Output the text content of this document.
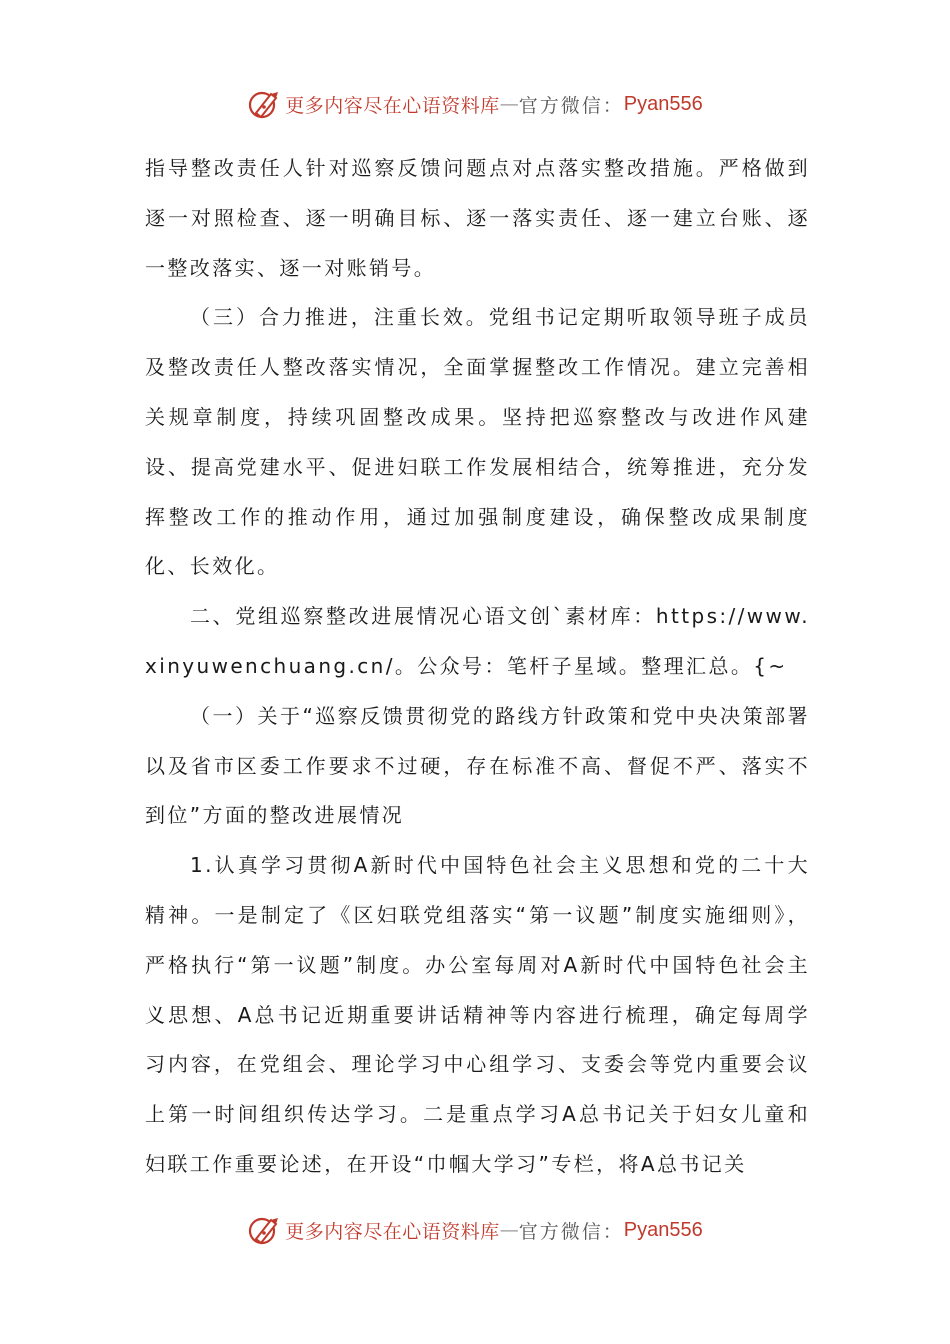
更多内容尽在心语资料库 — 官方微信： Pyan556

指导整改责任人针对巡察反馈问题点对点落实整改措施。严格做到逐一对照检查、逐一明确目标、逐一落实责任、逐一建立台账、逐一整改落实、逐一对账销号。

（三）合力推进，注重长效。党组书记定期听取领导班子成员及整改责任人整改落实情况，全面掌握整改工作情况。建立完善相关规章制度，持续巩固整改成果。坚持把巡察整改与改进作风建设、提高党建水平、促进妇联工作发展相结合，统筹推进，充分发挥整改工作的推动作用，通过加强制度建设，确保整改成果制度化、长效化。

二、党组巡察整改进展情况心语文创`素材库：https://www.xinyuwenchuang.cn/。公众号：笔杆子星域。整理汇总。{~

（一）关于“巡察反馈贯彻党的路线方针政策和党中央决策部署以及省市区委工作要求不过硬，存在标准不高、督促不严、落实不到位”方面的整改进展情况

1.认真学习贯彻A新时代中国特色社会主义思想和党的二十大精神。一是制定了《区妇联党组落实“第一议题”制度实施细则》，严格执行“第一议题”制度。办公室每周对A新时代中国特色社会主义思想、A总书记近期重要讲话精神等内容进行梳理，确定每周学习内容，在党组会、理论学习中心组学习、支委会等党内重要会议上第一时间组织传达学习。二是重点学习A总书记关于妇女儿童和妇联工作重要论述，在开设“巾帼大学习”专栏，将A总书记关

更多内容尽在心语资料库 — 官方微信： Pyan556
